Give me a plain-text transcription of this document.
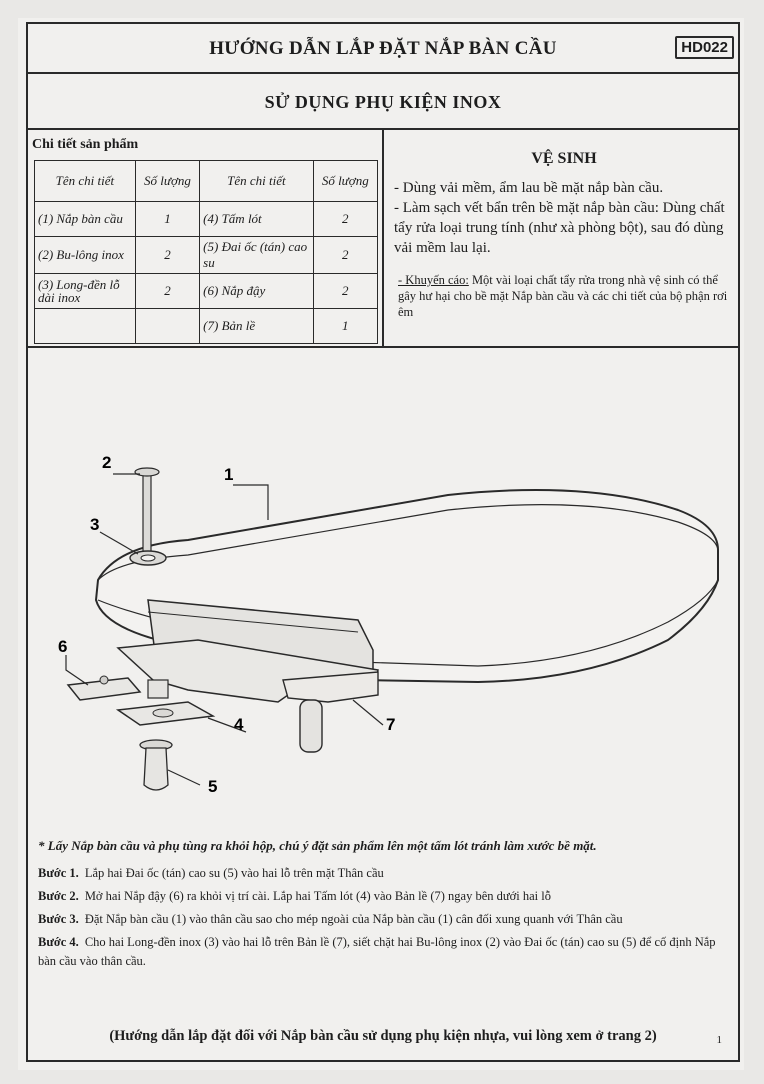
HƯỚNG DẪN LẮP ĐẶT NẮP BÀN CẦU	HD022
SỬ DỤNG PHỤ KIỆN INOX
Chi tiết sản phẩm
Tên chi tiết	Số lượng	Tên chi tiết	Số lượng
(1) Nắp bàn cầu	1	(4) Tấm lót	2
(2) Bu-lông inox	2	(5) Đai ốc (tán) cao su	2
(3) Long-đền lỗ dài inox	2	(6) Nắp đậy	2
		(7) Bản lề	1
VỆ SINH
- Dùng vải mềm, ẩm lau bề mặt nắp bàn cầu.
- Làm sạch vết bẩn trên bề mặt nắp bàn cầu: Dùng chất tẩy rửa loại trung tính (như xà phòng bột), sau đó dùng vải mềm lau lại.
- Khuyến cáo: Một vài loại chất tẩy rửa trong nhà vệ sinh có thể gây hư hại cho bề mặt Nắp bàn cầu và các chi tiết của bộ phận rơi êm
1
2
3
4
5
6
7
* Lấy Nắp bàn cầu và phụ tùng ra khỏi hộp, chú ý đặt sản phẩm lên một tấm lót tránh làm xước bề mặt.
Bước 1. Lắp hai Đai ốc (tán) cao su (5) vào hai lỗ trên mặt Thân cầu
Bước 2. Mở hai Nắp đậy (6) ra khỏi vị trí cài. Lắp hai Tấm lót (4) vào Bản lề (7) ngay bên dưới hai lỗ
Bước 3. Đặt Nắp bàn cầu (1) vào thân cầu sao cho mép ngoài của Nắp bàn cầu (1) cân đối xung quanh với Thân cầu
Bước 4. Cho hai Long-đền inox (3) vào hai lỗ trên Bản lề (7), siết chặt hai Bu-lông inox (2) vào Đai ốc (tán) cao su (5) để cố định Nắp bàn cầu vào thân cầu.
(Hướng dẫn lắp đặt đối với Nắp bàn cầu sử dụng phụ kiện nhựa, vui lòng xem ở trang 2)	1
